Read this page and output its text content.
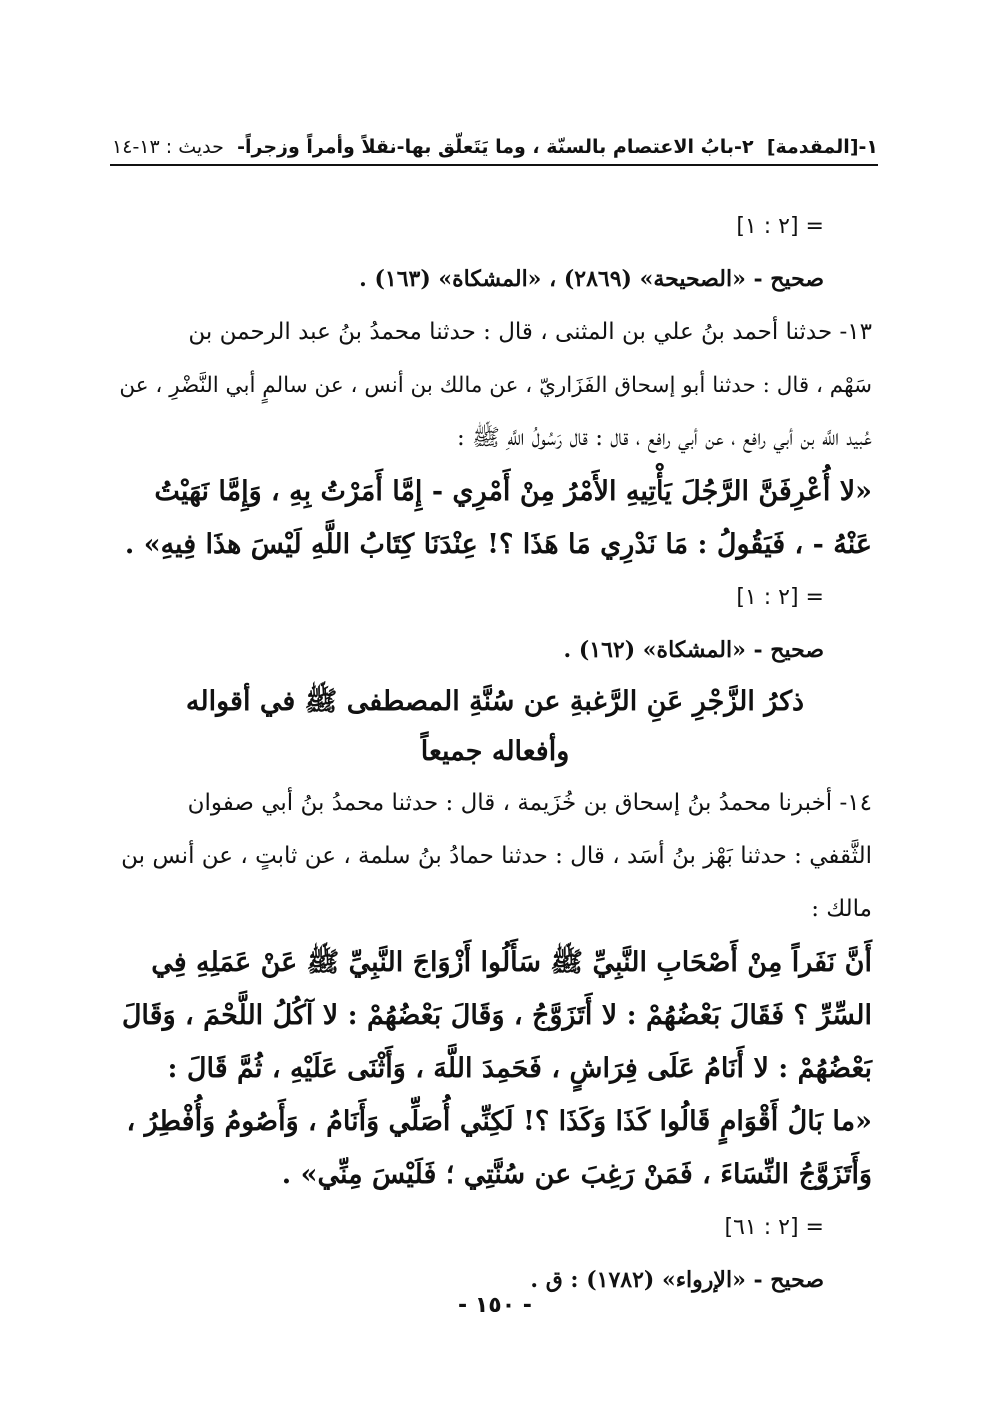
١-[المقدمة]
٢-بابُ الاعتصام بالسنّة ، وما يَتَعلّق بها-نقلاً وأمراً وزجراً-
حديث : ١٣-١٤
= [٢ : ١]
صحيح - «الصحيحة» (٢٨٦٩) ، «المشكاة» (١٦٣) .
١٣- حدثنا أحمد بنُ علي بن المثنى ، قال : حدثنا محمدُ بنُ عبد الرحمن بن
سَهْم ، قال : حدثنا أبو إسحاق الفَزَاريّ ، عن مالك بن أنس ، عن سالمٍ أبي النَّضْرِ ، عن
عُبيد اللَّه بن أبي رافع ، عن أبي رافع ، قال : قال رَسُولُ اللَّهِ ﷺ :
«لا أُعْرِفَنَّ الرَّجُلَ يَأْتِيهِ الأَمْرُ مِنْ أَمْرِي - إِمَّا أَمَرْتُ بِهِ ، وَإِمَّا نَهَيْتُ
عَنْهُ - ، فَيَقُولُ : مَا نَدْرِي مَا هَذَا ؟! عِنْدَنَا كِتَابُ اللَّهِ لَيْسَ هذَا فِيهِ» .
= [٢ : ١]
صحيح - «المشكاة» (١٦٢) .
ذكرُ الزَّجْرِ عَنِ الرَّغبةِ عن سُنَّةِ المصطفى ﷺ في أقواله
وأفعاله جميعاً
١٤- أخبرنا محمدُ بنُ إسحاق بن خُزَيمة ، قال : حدثنا محمدُ بنُ أبي صفوان
الثَّقفي : حدثنا بَهْز بنُ أسَد ، قال : حدثنا حمادُ بنُ سلمة ، عن ثابتٍ ، عن أنس بن
مالك :
أَنَّ نَفَراً مِنْ أَصْحَابِ النَّبِيِّ ﷺ سَأَلُوا أَزْوَاجَ النَّبِيِّ ﷺ عَنْ عَمَلِهِ فِي
السِّرِّ ؟ فَقَالَ بَعْضُهُمْ : لا أَتَزَوَّجُ ، وَقَالَ بَعْضُهُمْ : لا آكُلُ اللَّحْمَ ، وَقَالَ
بَعْضُهُمْ : لا أَنَامُ عَلَى فِرَاشٍ ، فَحَمِدَ اللَّهَ ، وَأَثْنَى عَلَيْهِ ، ثُمَّ قَالَ :
«ما بَالُ أَقْوَامٍ قَالُوا كَذَا وَكَذَا ؟! لَكِنِّي أُصَلِّي وَأَنَامُ ، وَأَصُومُ وَأُفْطِرُ ،
وَأَتَزَوَّجُ النِّسَاءَ ، فَمَنْ رَغِبَ عن سُنَّتِي ؛ فَلَيْسَ مِنِّي» .
= [٢ : ٦١]
صحيح - «الإرواء» (١٧٨٢) : ق .
- ١٥٠ -
